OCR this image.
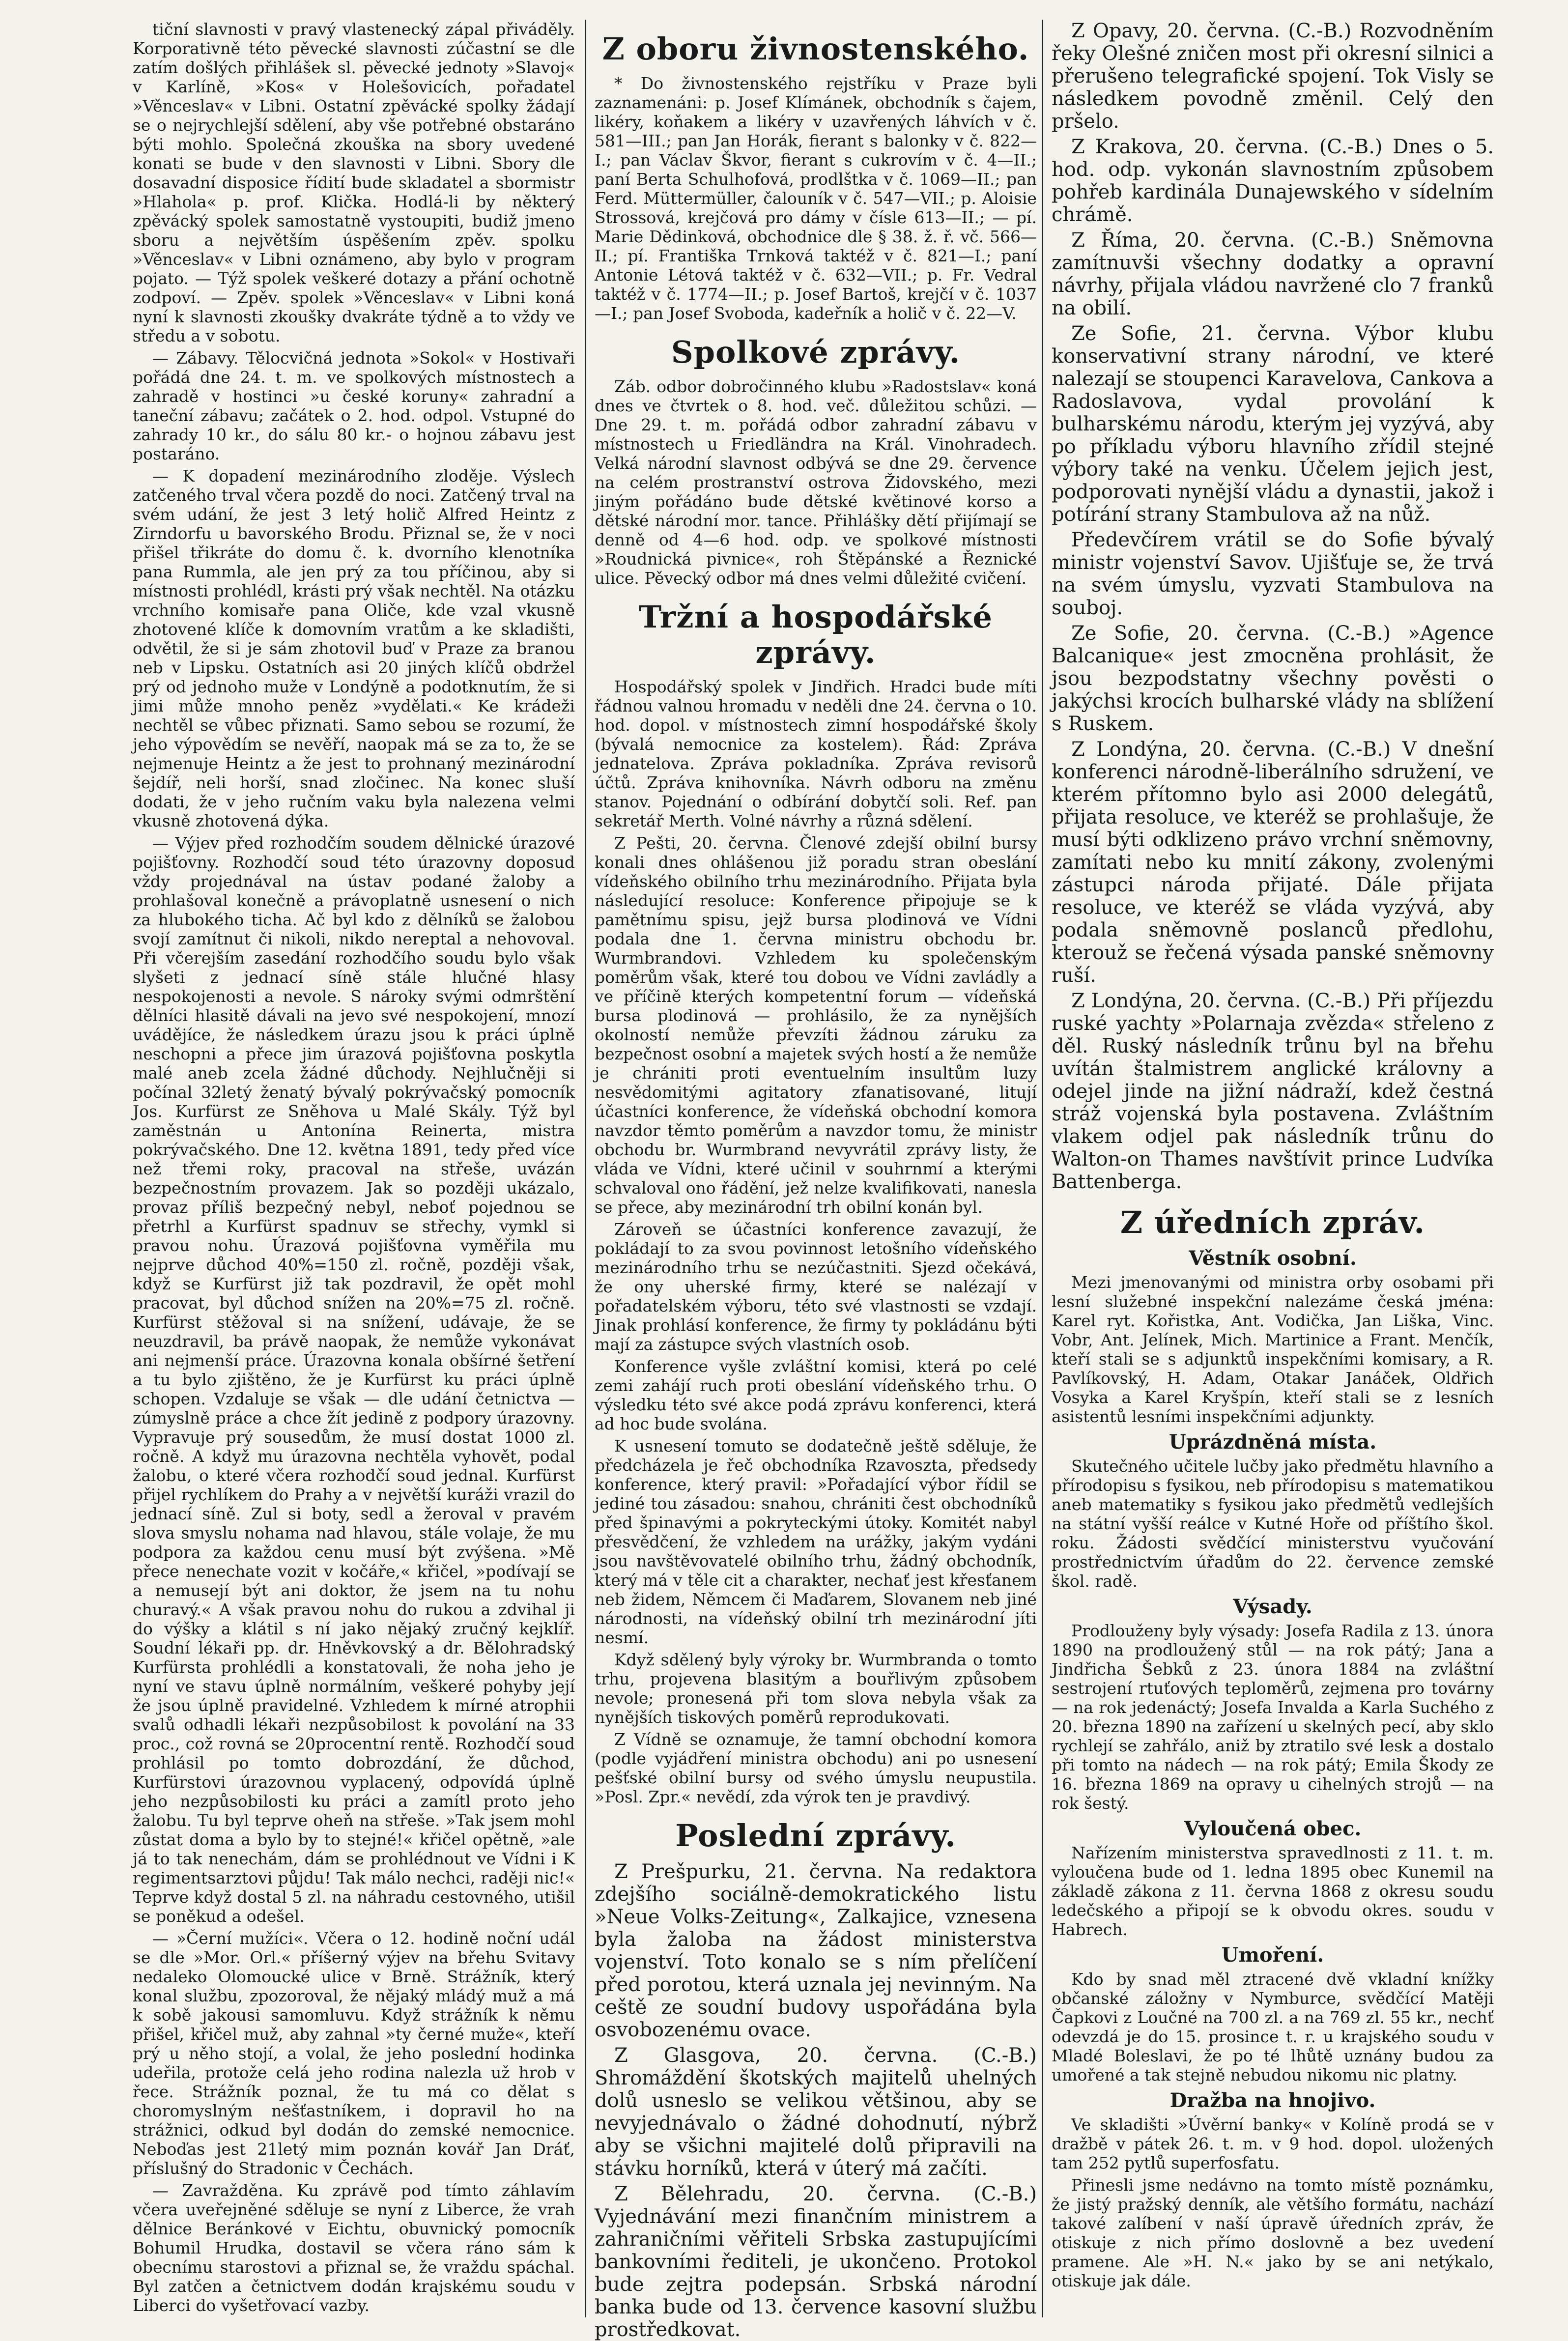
tiční slavnosti v pravý vlastenecký zápal přiváděly. Korporativně této pěvecké slavnosti zúčastní se dle zatím došlých přihlášek sl. pěvecké jednoty »Slavoj« v Karlíně, »Kos« v Holešovicích, pořadatel »Věnceslav« v Libni. Ostatní zpěvácké spolky žádají se o nejrychlejší sdělení, aby vše potřebné obstaráno býti mohlo. Společná zkouška na sbory uvedené konati se bude v den slavnosti v Libni. Sbory dle dosavadní disposice řídití bude skladatel a sbormistr »Hlahola« p. prof. Klička. Hodlá-li by některý zpěvácký spolek samostatně vystoupiti, budiž jmeno sboru a největším úspěšením zpěv. spolku »Věnceslav« v Libni oznámeno, aby bylo v program pojato. — Týž spolek veškeré dotazy a přání ochotně zodpoví. — Zpěv. spolek »Věnceslav« v Libni koná nyní k slavnosti zkoušky dvakráte týdně a to vždy ve středu a v sobotu.

— Zábavy. Tělocvičná jednota »Sokol« v Hostivaři pořádá dne 24. t. m. ve spolkových místnostech a zahradě v hostinci »u české koruny« zahradní a taneční zábavu; začátek o 2. hod. odpol. Vstupné do zahrady 10 kr., do sálu 80 kr.- o hojnou zábavu jest postaráno.

— K dopadení mezinárodního zloděje. Výslech zatčeného trval včera pozdě do noci. Zatčený trval na svém udání, že jest 3 letý holič Alfred Heintz z Zirndorfu u bavorského Brodu. Přiznal se, že v noci přišel třikráte do domu č. k. dvorního klenotníka pana Rummla, ale jen prý za tou příčinou, aby si místnosti prohlédl, krásti prý však nechtěl. Na otázku vrchního komisaře pana Oliče, kde vzal vkusně zhotovené klíče k domovním vratům a ke skladišti, odvětil, že si je sám zhotovil buď v Praze za branou neb v Lipsku. Ostatních asi 20 jiných klíčů obdržel prý od jednoho muže v Londýně a podotknutím, že si jimi může mnoho peněz »vydělati.« Ke krádeži nechtěl se vůbec přiznati. Samo sebou se rozumí, že jeho výpovědím se nevěří, naopak má se za to, že se nejmenuje Heintz a že jest to prohnaný mezinárodní šejdíř, neli horší, snad zločinec. Na konec sluší dodati, že v jeho ručním vaku byla nalezena velmi vkusně zhotovená dýka.

— Výjev před rozhodčím soudem dělnické úrazové pojišťovny. Rozhodčí soud této úrazovny doposud vždy projednával na ústav podané žaloby a prohlašoval konečně a právoplatně usnesení o nich za hlubokého ticha. Ač byl kdo z dělníků se žalobou svojí zamítnut či nikoli, nikdo nereptal a nehovoval. Při včerejším zasedání rozhodčího soudu bylo však slyšeti z jednací síně stále hlučné hlasy nespokojenosti a nevole. S nároky svými odmrštění dělníci hlasitě dávali na jevo své nespokojení, mnozí uvádějíce, že následkem úrazu jsou k práci úplně neschopni a přece jim úrazová pojišťovna poskytla malé aneb zcela žádné důchody. Nejhlučněji si počínal 32letý ženatý bývalý pokrývačský pomocník Jos. Kurfürst ze Sněhova u Malé Skály. Týž byl zaměstnán u Antonína Reinerta, mistra pokrývačského. Dne 12. května 1891, tedy před více než třemi roky, pracoval na střeše, uvázán bezpečnostním provazem. Jak so později ukázalo, provaz příliš bezpečný nebyl, neboť pojednou se přetrhl a Kurfürst spadnuv se střechy, vymkl si pravou nohu. Úrazová pojišťovna vyměřila mu nejprve důchod 40%=150 zl. ročně, později však, když se Kurfürst již tak pozdravil, že opět mohl pracovat, byl důchod snížen na 20%=75 zl. ročně. Kurfürst stěžoval si na snížení, udávaje, že se neuzdravil, ba právě naopak, že nemůže vykonávat ani nejmenší práce. Úrazovna konala obšírné šetření a tu bylo zjištěno, že je Kurfürst ku práci úplně schopen. Vzdaluje se však — dle udání četnictva — zúmyslně práce a chce žít jedině z podpory úrazovny. Vypravuje prý sousedům, že musí dostat 1000 zl. ročně. A když mu úrazovna nechtěla vyhovět, podal žalobu, o které včera rozhodčí soud jednal. Kurfürst přijel rychlíkem do Prahy a v největší kuráži vrazil do jednací síně. Zul si boty, sedl a žeroval v pravém slova smyslu nohama nad hlavou, stále volaje, že mu podpora za každou cenu musí být zvýšena. »Mě přece nenechate vozit v kočáře,« křičel, »podívají se a nemusejí být ani doktor, že jsem na tu nohu churavý.« A však pravou nohu do rukou a zdvihal ji do výšky a klátil s ní jako nějaký zručný kejklíř. Soudní lékaři pp. dr. Hněvkovský a dr. Bělohradský Kurfürsta prohlédli a konstatovali, že noha jeho je nyní ve stavu úplně normálním, veškeré pohyby její že jsou úplně pravidelné. Vzhledem k mírné atrophii svalů odhadli lékaři nezpůsobilost k povolání na 33 proc., což rovná se 20procentní rentě. Rozhodčí soud prohlásil po tomto dobrozdání, že důchod, Kurfürstovi úrazovnou vyplacený, odpovídá úplně jeho nezpůsobilosti ku práci a zamítl proto jeho žalobu. Tu byl teprve oheň na střeše. »Tak jsem mohl zůstat doma a bylo by to stejné!« křičel opětně, »ale já to tak nenechám, dám se prohlédnout ve Vídni i K regimentsarztovi půjdu! Tak málo nechci, raději nic!« Teprve když dostal 5 zl. na náhradu cestovného, utišil se poněkud a odešel.

— »Černí mužíci«. Včera o 12. hodině noční udál se dle »Mor. Orl.« příšerný výjev na břehu Svitavy nedaleko Olomoucké ulice v Brně. Strážník, který konal službu, zpozoroval, že nějaký mládý muž a má k sobě jakousi samomluvu. Když strážník k němu přišel, křičel muž, aby zahnal »ty černé muže«, kteří prý u něho stojí, a volal, že jeho poslední hodinka udeřila, protože celá jeho rodina nalezla už hrob v řece. Strážník poznal, že tu má co dělat s choromyslným nešťastníkem, i dopravil ho na strážnici, odkud byl dodán do zemské nemocnice. Neboďas jest 21letý mim poznán kovář Jan Dráť, příslušný do Stradonic v Čechách.

— Zavražděna. Ku zprávě pod tímto záhlavím včera uveřejněné sděluje se nyní z Liberce, že vrah dělnice Beránkové v Eichtu, obuvnický pomocník Bohumil Hrudka, dostavil se včera ráno sám k obecnímu starostovi a přiznal se, že vraždu spáchal. Byl zatčen a četnictvem dodán krajskému soudu v Liberci do vyšetřovací vazby.

Z oboru živnostenského.

* Do živnostenského rejstříku v Praze byli zaznamenáni: p. Josef Klímánek, obchodník s čajem, likéry, koňakem a likéry v uzavřených láhvích v č. 581—III.; pan Jan Horák, fierant s balonky v č. 822—I.; pan Václav Škvor, fierant s cukrovím v č. 4—II.; paní Berta Schulhofová, prodlštka v č. 1069—II.; pan Ferd. Müttermüller, čalouník v č. 547—VII.; p. Aloisie Strossová, krejčová pro dámy v čísle 613—II.; — pí. Marie Dědinková, obchodnice dle § 38. ž. ř. vč. 566—II.; pí. Františka Trnková taktéž v č. 821—I.; paní Antonie Létová taktéž v č. 632—VII.; p. Fr. Vedral taktéž v č. 1774—II.; p. Josef Bartoš, krejčí v č. 1037—I.; pan Josef Svoboda, kadeřník a holič v č. 22—V.

Spolkové zprávy.

Záb. odbor dobročinného klubu »Radostslav« koná dnes ve čtvrtek o 8. hod. več. důležitou schůzi. — Dne 29. t. m. pořádá odbor zahradní zábavu v místnostech u Friedländra na Král. Vinohradech. Velká národní slavnost odbývá se dne 29. července na celém prostranství ostrova Židovského, mezi jiným pořádáno bude dětské květinové korso a dětské národní mor. tance. Přihlášky dětí přijímají se denně od 4—6 hod. odp. ve spolkové místnosti »Roudnická pivnice«, roh Štěpánské a Řeznické ulice. Pěvecký odbor má dnes velmi důležité cvičení.

Tržní a hospodářské zprávy.

Hospodářský spolek v Jindřich. Hradci bude míti řádnou valnou hromadu v neděli dne 24. června o 10. hod. dopol. v místnostech zimní hospodářské školy (bývalá nemocnice za kostelem). Řád: Zpráva jednatelova. Zpráva pokladníka. Zpráva revisorů účtů. Zpráva knihovníka. Návrh odboru na změnu stanov. Pojednání o odbírání dobytčí soli. Ref. pan sekretář Merth. Volné návrhy a různá sdělení.

Z Pešti, 20. června. Členové zdejší obilní bursy konali dnes ohlášenou již poradu stran obeslání vídeňského obilního trhu mezinárodního. Přijata byla následující resoluce: Konference připojuje se k pamětnímu spisu, jejž bursa plodinová ve Vídni podala dne 1. června ministru obchodu br. Wurmbrandovi. Vzhledem ku společenským poměrům však, které tou dobou ve Vídni zavládly a ve příčině kterých kompetentní forum — vídeňská bursa plodinová — prohlásilo, že za nynějších okolností nemůže převzíti žádnou záruku za bezpečnost osobní a majetek svých hostí a že nemůže je chrániti proti eventuelním insultům luzy nesvědomitými agitatory zfanatisované, litují účastníci konference, že vídeňská obchodní komora navzdor těmto poměrům a navzdor tomu, že ministr obchodu br. Wurmbrand nevyvrátil zprávy listy, že vláda ve Vídni, které učinil v souhrnmí a kterými schvaloval ono řádění, jež nelze kvalifikovati, nanesla se přece, aby mezinárodní trh obilní konán byl.

Zároveň se účastníci konference zavazují, že pokládají to za svou povinnost letošního vídeňského mezinárodního trhu se nezúčastniti. Sjezd očekává, že ony uherské firmy, které se nalézají v pořadatelském výboru, této své vlastnosti se vzdají. Jinak prohlásí konference, že firmy ty pokládánu býti mají za zástupce svých vlastních osob.

Konference vyšle zvláštní komisi, která po celé zemi zahájí ruch proti obeslání vídeňského trhu. O výsledku této své akce podá zprávu konferenci, která ad hoc bude svolána.

K usnesení tomuto se dodatečně ještě sděluje, že předcházela je řeč obchodníka Rzavoszta, předsedy konference, který pravil: »Pořadající výbor řídil se jediné tou zásadou: snahou, chrániti čest obchodníků před špinavými a pokryteckými útoky. Komitét nabyl přesvědčení, že vzhledem na urážky, jakým vydáni jsou navštěvovatelé obilního trhu, žádný obchodník, který má v těle cit a charakter, nechať jest křesťanem neb židem, Němcem či Maďarem, Slovanem neb jiné národnosti, na vídeňský obilní trh mezinárodní jíti nesmí.

Když sdělený byly výroky br. Wurmbranda o tomto trhu, projevena blasitým a bouřlivým způsobem nevole; pronesená při tom slova nebyla však za nynějších tiskových poměrů reprodukovati.

Z Vídně se oznamuje, že tamní obchodní komora (podle vyjádření ministra obchodu) ani po usnesení pešťské obilní bursy od svého úmyslu neupustila. »Posl. Zpr.« nevědí, zda výrok ten je pravdivý.

Poslední zprávy.

Z Prešpurku, 21. června. Na redaktora zdejšího sociálně-demokratického listu »Neue Volks-Zeitung«, Zalkajice, vznesena byla žaloba na žádost ministerstva vojenství. Toto konalo se s ním přelíčení před porotou, která uznala jej nevinným. Na ceště ze soudní budovy uspořádána byla osvobozenému ovace.

Z Glasgova, 20. června. (C.-B.) Shromáždění škotských majitelů uhelných dolů usneslo se velikou většinou, aby se nevyjednávalo o žádné dohodnutí, nýbrž aby se všichni majitelé dolů připravili na stávku horníků, která v úterý má začíti.

Z Bělehradu, 20. června. (C.-B.) Vyjednávání mezi finančním ministrem a zahraničními věřiteli Srbska zastupujícími bankovními řediteli, je ukončeno. Protokol bude zejtra podepsán. Srbská národní banka bude od 13. července kasovní službu prostředkovat.

Z Opavy, 20. června. (C.-B.) Rozvodněním řeky Olešné zničen most při okresní silnici a přerušeno telegrafické spojení. Tok Visly se následkem povodně změnil. Celý den pršelo.

Z Krakova, 20. června. (C.-B.) Dnes o 5. hod. odp. vykonán slavnostním způsobem pohřeb kardinála Dunajewského v sídelním chrámě.

Z Říma, 20. června. (C.-B.) Sněmovna zamítnuvši všechny dodatky a opravní návrhy, přijala vládou navržené clo 7 franků na obilí.

Ze Sofie, 21. června. Výbor klubu konservativní strany národní, ve které nalezají se stoupenci Karavelova, Cankova a Radoslavova, vydal provolání k bulharskému národu, kterým jej vyzývá, aby po příkladu výboru hlavního zřídil stejné výbory také na venku. Účelem jejich jest, podporovati nynější vládu a dynastii, jakož i potírání strany Stambulova až na nůž.

Předevčírem vrátil se do Sofie bývalý ministr vojenství Savov. Ujišťuje se, že trvá na svém úmyslu, vyzvati Stambulova na souboj.

Ze Sofie, 20. června. (C.-B.) »Agence Balcanique« jest zmocněna prohlásit, že jsou bezpodstatny všechny pověsti o jakýchsi krocích bulharské vlády na sblížení s Ruskem.

Z Londýna, 20. června. (C.-B.) V dnešní konferenci národně-liberálního sdružení, ve kterém přítomno bylo asi 2000 delegátů, přijata resoluce, ve kteréž se prohlašuje, že musí býti odklizeno právo vrchní sněmovny, zamítati nebo ku mnití zákony, zvolenými zástupci národa přijaté. Dále přijata resoluce, ve kteréž se vláda vyzývá, aby podala sněmovně poslanců předlohu, kterouž se řečená výsada panské sněmovny ruší.

Z Londýna, 20. června. (C.-B.) Při příjezdu ruské yachty »Polarnaja zvězda« střeleno z děl. Ruský následník trůnu byl na břehu uvítán štalmistrem anglické královny a odejel jinde na jižní nádraží, kdež čestná stráž vojenská byla postavena. Zvláštním vlakem odjel pak následník trůnu do Walton-on Thames navštívit prince Ludvíka Battenberga.

Z úředních zpráv.
Věstník osobní.

Mezi jmenovanými od ministra orby osobami při lesní služebné inspekční nalezáme česká jména: Karel ryt. Kořistka, Ant. Vodička, Jan Liška, Vinc. Vobr, Ant. Jelínek, Mich. Martinice a Frant. Menčík, kteří stali se s adjunktů inspekčními komisary, a R. Pavlíkovský, H. Adam, Otakar Janáček, Oldřich Vosyka a Karel Kryšpín, kteří stali se z lesních asistentů lesními inspekčními adjunkty.

Uprázdněná místa.

Skutečného učitele lučby jako předmětu hlavního a přírodopisu s fysikou, neb přírodopisu s matematikou aneb matematiky s fysikou jako předmětů vedlejších na státní vyšší reálce v Kutné Hoře od příštího škol. roku. Žádosti svědčící ministerstvu vyučování prostřednictvím úřadům do 22. července zemské škol. radě.

Výsady.

Prodlouženy byly výsady: Josefa Radila z 13. února 1890 na prodloužený stůl — na rok pátý; Jana a Jindřicha Šebků z 23. února 1884 na zvláštní sestrojení rtuťových teploměrů, zejmena pro továrny — na rok jedenáctý; Josefa Invalda a Karla Suchého z 20. března 1890 na zařízení u skelných pecí, aby sklo rychlejí se zahřálo, aniž by ztratilo své lesk a dostalo při tomto na nádech — na rok pátý; Emila Škody ze 16. března 1869 na opravy u cihelných strojů — na rok šestý.

Vyloučená obec.

Nařízením ministerstva spravedlnosti z 11. t. m. vyloučena bude od 1. ledna 1895 obec Kunemil na základě zákona z 11. června 1868 z okresu soudu ledečského a připojí se k obvodu okres. soudu v Habrech.

Umoření.

Kdo by snad měl ztracené dvě vkladní knížky občanské záložny v Nymburce, svědčící Matěji Čapkovi z Loučné na 700 zl. a na 769 zl. 55 kr., nechť odevzdá je do 15. prosince t. r. u krajského soudu v Mladé Boleslavi, že po té lhůtě uznány budou za umořené a tak stejně nebudou nikomu nic platny.

Dražba na hnojivo.

Ve skladišti »Úvěrní banky« v Kolíně prodá se v dražbě v pátek 26. t. m. v 9 hod. dopol. uložených tam 252 pytlů superfosfatu.

Přinesli jsme nedávno na tomto místě poznámku, že jistý pražský denník, ale většího formátu, nachází takové zalíbení v naší úpravě úředních zpráv, že otiskuje z nich přímo doslovně a bez uvedení pramene. Ale »H. N.« jako by se ani netýkalo, otiskuje jak dále.
